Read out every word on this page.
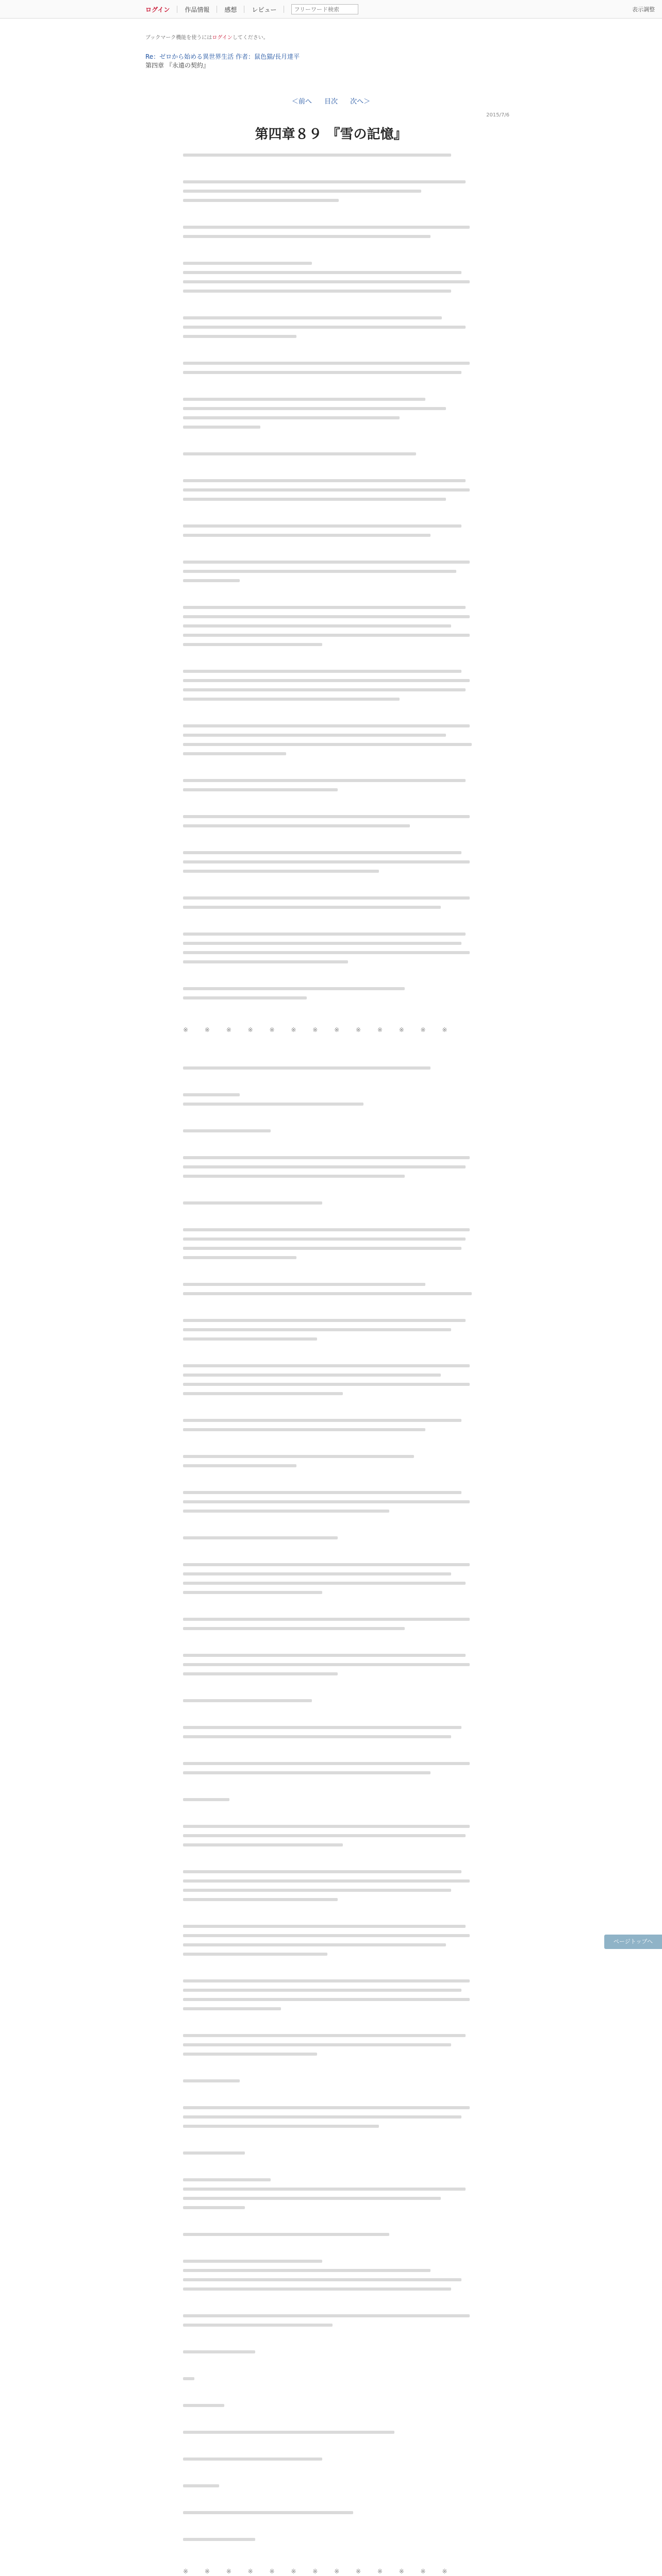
ログイン 作品情報 感想 レビュー
フリーワード検索	表示調整
ブックマーク機能を使うにはログインしてください。
Re：ゼロから始める異世界生活 作者：鼠色猫/長月達平
第四章 『永遠の契約』
＜前へ 目次 次へ＞
2015/7/6
第四章８９ 『雪の記憶』
※ ※ ※ ※ ※ ※ ※ ※ ※ ※ ※ ※ ※
※ ※ ※ ※ ※ ※ ※ ※ ※ ※ ※ ※ ※
ページトップへ
